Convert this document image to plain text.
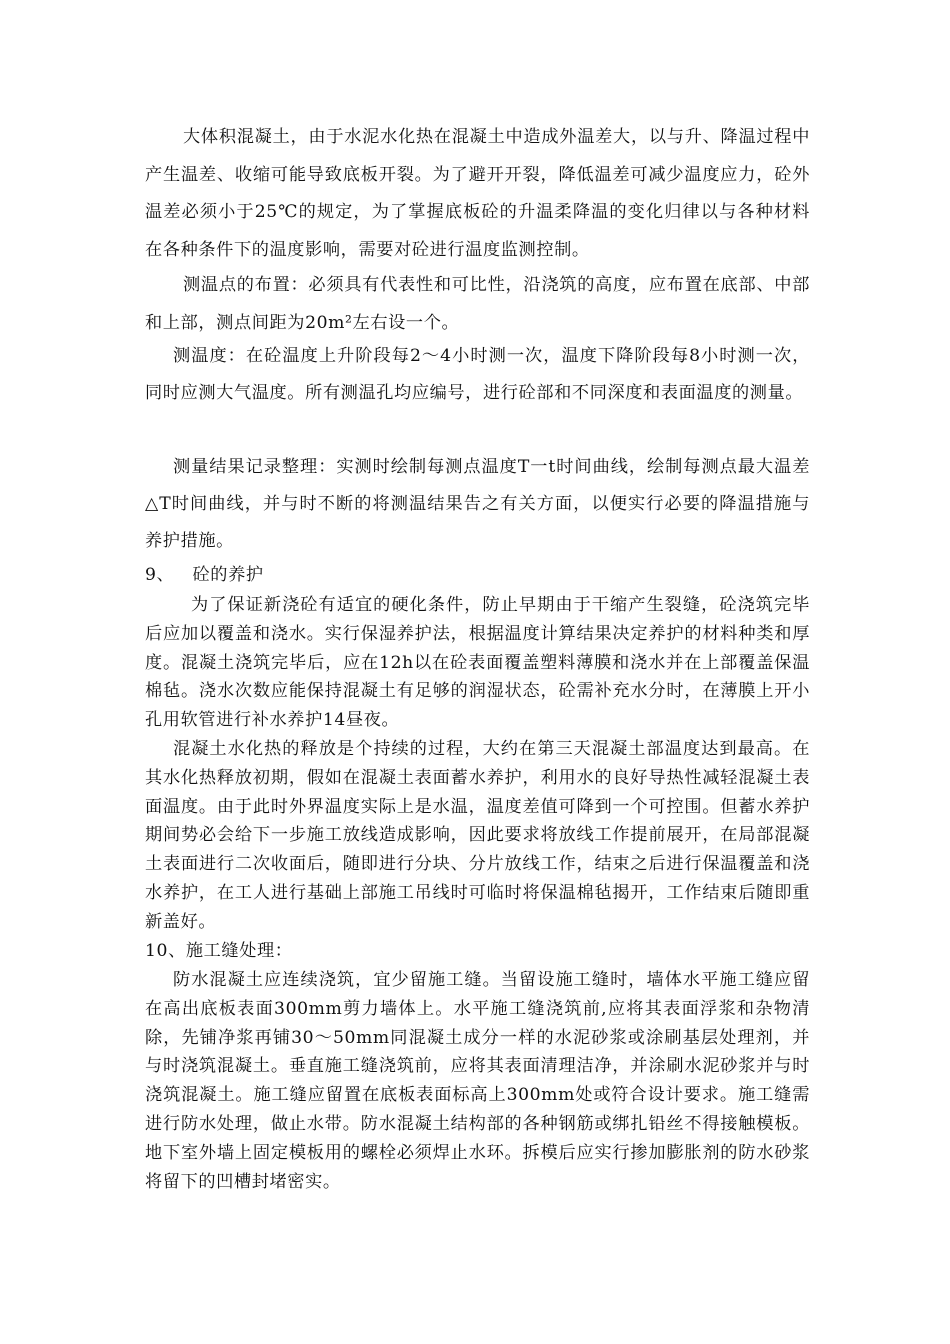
大体积混凝土，由于水泥水化热在混凝土中造成外温差大，以与升、降温过程中产生温差、收缩可能导致底板开裂。为了避开开裂，降低温差可减少温度应力，砼外温差必须小于25℃的规定，为了掌握底板砼的升温柔降温的变化归律以与各种材料在各种条件下的温度影响，需要对砼进行温度监测控制。

测温点的布置：必须具有代表性和可比性，沿浇筑的高度，应布置在底部、中部和上部，测点间距为20m²左右设一个。

测温度：在砼温度上升阶段每2～4小时测一次，温度下降阶段每8小时测一次，同时应测大气温度。所有测温孔均应编号，进行砼部和不同深度和表面温度的测量。

测量结果记录整理：实测时绘制每测点温度T一t时间曲线，绘制每测点最大温差△T时间曲线，并与时不断的将测温结果告之有关方面，以便实行必要的降温措施与养护措施。

9、   砼的养护

为了保证新浇砼有适宜的硬化条件，防止早期由于干缩产生裂缝，砼浇筑完毕后应加以覆盖和浇水。实行保湿养护法，根据温度计算结果决定养护的材料种类和厚度。混凝土浇筑完毕后，应在12h以在砼表面覆盖塑料薄膜和浇水并在上部覆盖保温棉毡。浇水次数应能保持混凝土有足够的润湿状态，砼需补充水分时，在薄膜上开小孔用软管进行补水养护14昼夜。

混凝土水化热的释放是个持续的过程，大约在第三天混凝土部温度达到最高。在其水化热释放初期，假如在混凝土表面蓄水养护，利用水的良好导热性减轻混凝土表面温度。由于此时外界温度实际上是水温，温度差值可降到一个可控围。但蓄水养护期间势必会给下一步施工放线造成影响，因此要求将放线工作提前展开，在局部混凝土表面进行二次收面后，随即进行分块、分片放线工作，结束之后进行保温覆盖和浇水养护，在工人进行基础上部施工吊线时可临时将保温棉毡揭开，工作结束后随即重新盖好。

10、施工缝处理：

防水混凝土应连续浇筑，宜少留施工缝。当留设施工缝时，墙体水平施工缝应留在高出底板表面300mm剪力墙体上。水平施工缝浇筑前,应将其表面浮浆和杂物清除，先铺净浆再铺30～50mm同混凝土成分一样的水泥砂浆或涂刷基层处理剂，并与时浇筑混凝土。垂直施工缝浇筑前，应将其表面清理洁净，并涂刷水泥砂浆并与时浇筑混凝土。施工缝应留置在底板表面标高上300mm处或符合设计要求。施工缝需进行防水处理，做止水带。防水混凝土结构部的各种钢筋或绑扎铅丝不得接触模板。地下室外墙上固定模板用的螺栓必须焊止水环。拆模后应实行掺加膨胀剂的防水砂浆将留下的凹槽封堵密实。
